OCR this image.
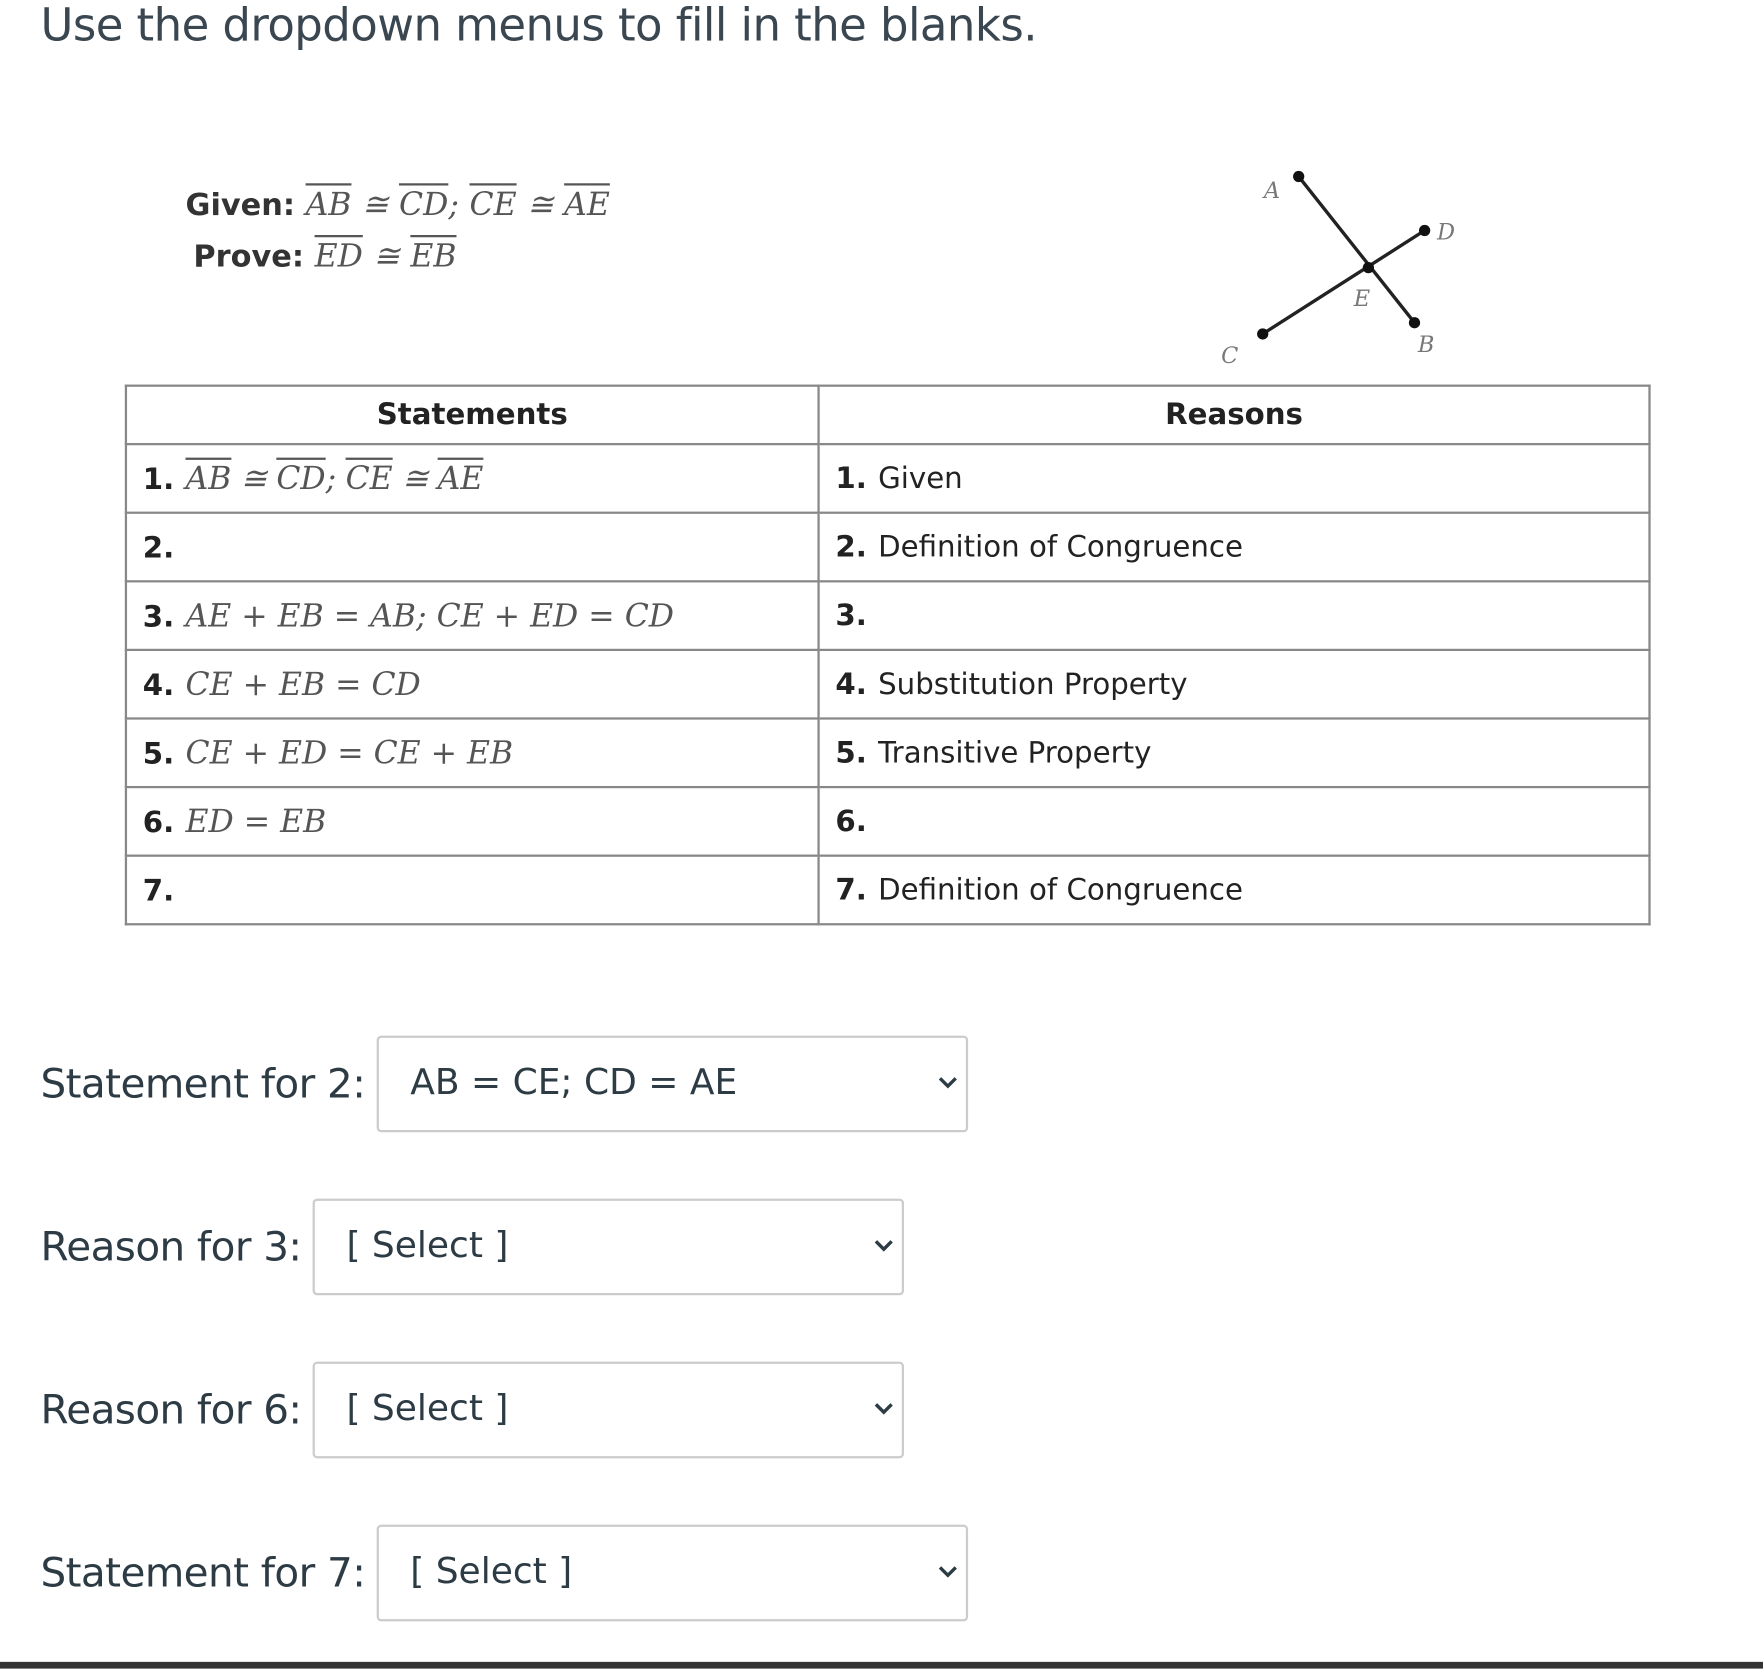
Use the dropdown menus to fill in the blanks.
Given: $\overline{AB}$ ≅ $\overline{CD}$; $\overline{CE}$ ≅ $\overline{AE}$
Prove: $\overline{ED}$ ≅ $\overline{EB}$
A
D
E
C	B
Statements	Reasons
1. $\overline{AB}$ ≅ $\overline{CD}$; $\overline{CE}$ ≅ $\overline{AE}$	1. Given
2.	2. Definition of Congruence
3. AE + EB = AB; CE + ED = CD	3.
4. CE + EB = CD	4. Substitution Property
5. CE + ED = CE + EB	5. Transitive Property
6. ED = EB	6.
7.	7. Definition of Congruence
Statement for 2: AB = CE; CD = AE
Reason for 3: [ Select ]
Reason for 6: [ Select ]
Statement for 7: [ Select ]
